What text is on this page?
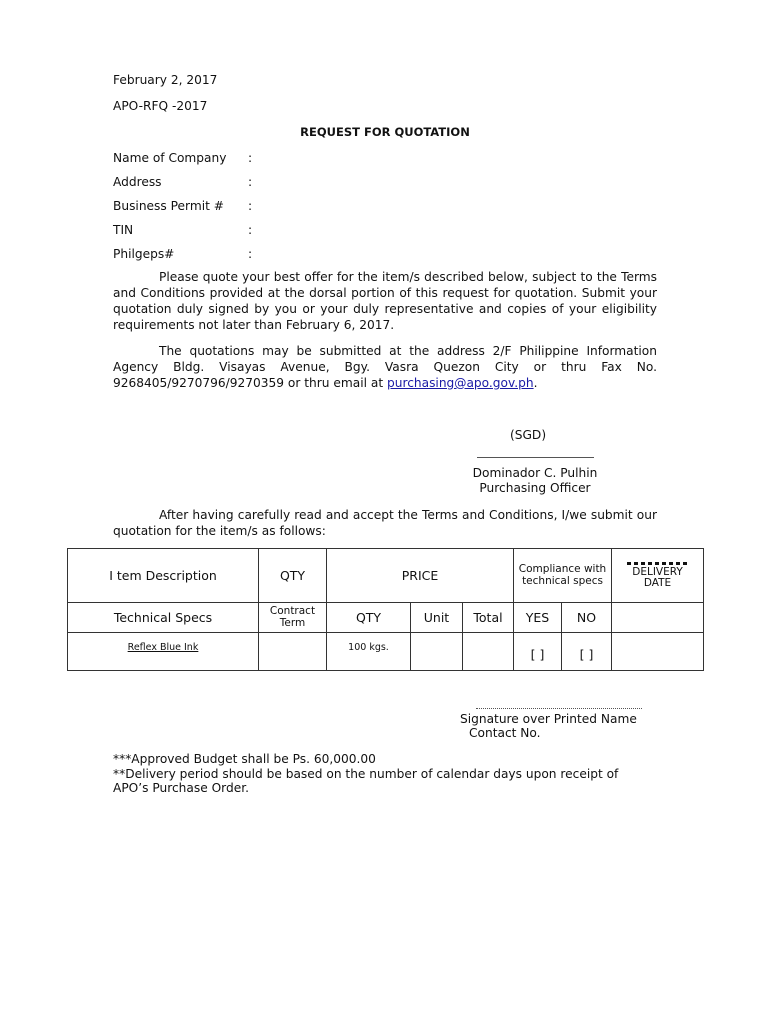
February 2, 2017
APO-RFQ -2017
REQUEST FOR QUOTATION
Name of Company :
Address	:
Business Permit # :
TIN	:
Philgeps#	:
Please quote your best offer for the item/s described below, subject to the Terms and Conditions provided at the dorsal portion of this request for quotation. Submit your quotation duly signed by you or your duly representative and copies of your eligibility requirements not later than February 6, 2017.
The quotations may be submitted at the address 2/F Philippine Information Agency Bldg. Visayas Avenue, Bgy. Vasra Quezon City or thru Fax No. 9268405/9270796/9270359 or thru email at purchasing@apo.gov.ph.
(SGD)
Dominador C. Pulhin
Purchasing Officer
After having carefully read and accept the Terms and Conditions, I/we submit our quotation for the item/s as follows:
I tem Description	QTY	PRICE			Compliance with technical specs		DELIVERY DATE

Technical Specs	Contract Term	QTY	Unit	Total	YES	NO	
Reflex Blue Ink		100 kgs.			[ ]	[ ]	
Signature over Printed Name
Contact No.
***Approved Budget shall be Ps. 60,000.00
**Delivery period should be based on the number of calendar days upon receipt of APO’s Purchase Order.
